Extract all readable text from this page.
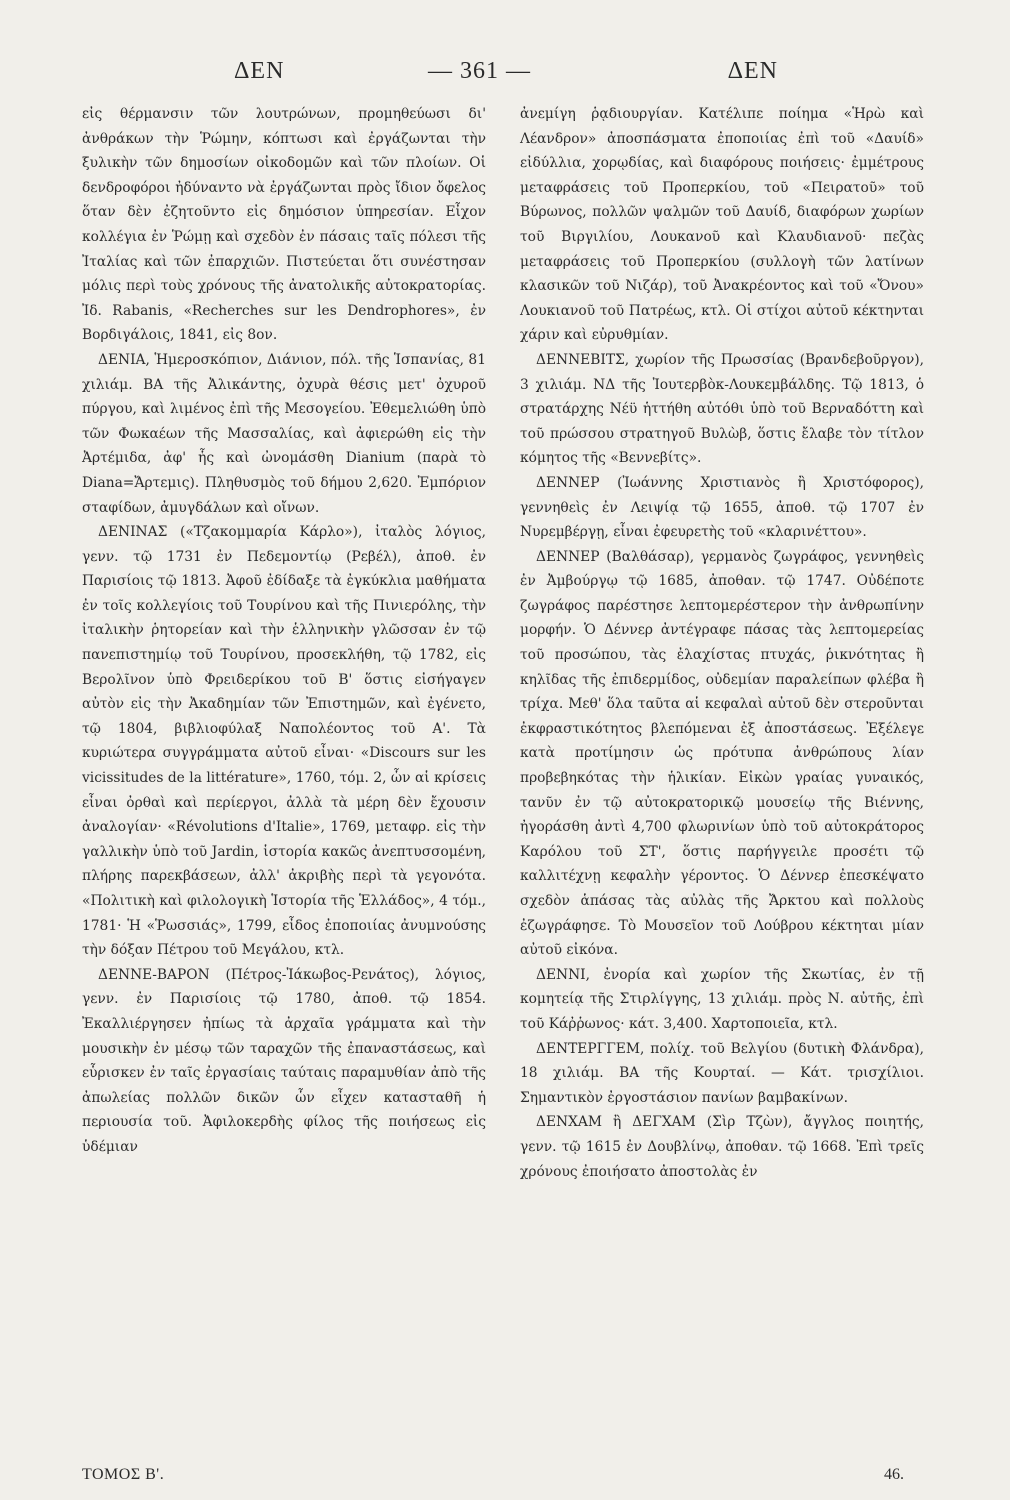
ΔΕΝ	— 361 —	ΔΕΝ

εἰς θέρμανσιν τῶν λουτρώνων, προμηθεύωσι δι' ἀνθράκων τὴν Ῥώμην, κόπτωσι καὶ ἐργάζωνται τὴν ξυλικὴν τῶν δημοσίων οἰκοδομῶν καὶ τῶν πλοίων. Οἱ δενδροφόροι ἠδύναντο νὰ ἐργάζωνται πρὸς ἴδιον ὄφελος ὅταν δὲν ἐζητοῦντο εἰς δημόσιον ὑπηρεσίαν. Εἶχον κολλέγια ἐν Ῥώμῃ καὶ σχεδὸν ἐν πάσαις ταῖς πόλεσι τῆς Ἰταλίας καὶ τῶν ἐπαρχιῶν. Πιστεύεται ὅτι συνέστησαν μόλις περὶ τοὺς χρόνους τῆς ἀνατολικῆς αὐτοκρατορίας. Ἰδ. Rabanis, «Recherches sur les Dendrophores», ἐν Βορδιγάλοις, 1841, εἰς 8ον.

ΔΕΝΙΑ, Ἡμεροσκόπιον, Διάνιον, πόλ. τῆς Ἱσπανίας, 81 χιλιάμ. ΒΑ τῆς Ἀλικάντης, ὀχυρὰ θέσις μετ' ὀχυροῦ πύργου, καὶ λιμένος ἐπὶ τῆς Μεσογείου. Ἐθεμελιώθη ὑπὸ τῶν Φωκαέων τῆς Μασσαλίας, καὶ ἀφιερώθη εἰς τὴν Ἀρτέμιδα, ἀφ' ἧς καὶ ὠνομάσθη Dianium (παρὰ τὸ Diana=Ἄρτεμις). Πληθυσμὸς τοῦ δήμου 2,620. Ἐμπόριον σταφίδων, ἀμυγδάλων καὶ οἴνων.

ΔΕΝΙΝΑΣ («Τζακομμαρία Κάρλο»), ἰταλὸς λόγιος, γενν. τῷ 1731 ἐν Πεδεμοντίῳ (Ρεβέλ), ἀποθ. ἐν Παρισίοις τῷ 1813. Ἀφοῦ ἐδίδαξε τὰ ἐγκύκλια μαθήματα ἐν τοῖς κολλεγίοις τοῦ Τουρίνου καὶ τῆς Πινιερόλης, τὴν ἰταλικὴν ῥητορείαν καὶ τὴν ἑλληνικὴν γλῶσσαν ἐν τῷ πανεπιστημίῳ τοῦ Τουρίνου, προσεκλήθη, τῷ 1782, εἰς Βερολῖνον ὑπὸ Φρειδερίκου τοῦ Β' ὅστις εἰσήγαγεν αὐτὸν εἰς τὴν Ἀκαδημίαν τῶν Ἐπιστημῶν, καὶ ἐγένετο, τῷ 1804, βιβλιοφύλαξ Ναπολέοντος τοῦ Α'. Τὰ κυριώτερα συγγράμματα αὐτοῦ εἶναι· «Discours sur les vicissitudes de la littérature», 1760, τόμ. 2, ὧν αἱ κρίσεις εἶναι ὀρθαὶ καὶ περίεργοι, ἀλλὰ τὰ μέρη δὲν ἔχουσιν ἀναλογίαν· «Révolutions d'Italie», 1769, μεταφρ. εἰς τὴν γαλλικὴν ὑπὸ τοῦ Jardin, ἱστορία κακῶς ἀνεπτυσσομένη, πλήρης παρεκβάσεων, ἀλλ' ἀκριβὴς περὶ τὰ γεγονότα. «Πολιτικὴ καὶ φιλολογικὴ Ἱστορία τῆς Ἑλλάδος», 4 τόμ., 1781· Ἡ «Ῥωσσιάς», 1799, εἶδος ἐποποιίας ἀνυμνούσης τὴν δόξαν Πέτρου τοῦ Μεγάλου, κτλ.

ΔΕΝΝΕ-ΒΑΡΟΝ (Πέτρος-Ἰάκωβος-Ρενάτος), λόγιος, γενν. ἐν Παρισίοις τῷ 1780, ἀποθ. τῷ 1854. Ἐκαλλιέργησεν ἠπίως τὰ ἀρχαῖα γράμματα καὶ τὴν μουσικὴν ἐν μέσῳ τῶν ταραχῶν τῆς ἐπαναστάσεως, καὶ εὗρισκεν ἐν ταῖς ἐργασίαις ταύταις παραμυθίαν ἀπὸ τῆς ἀπωλείας πολλῶν δικῶν ὧν εἶχεν κατασταθῆ ἡ περιουσία τοῦ. Ἀφιλοκερδὴς φίλος τῆς ποιήσεως εἰς ὑδέμιαν

ἀνεμίγη ῥᾳδιουργίαν. Κατέλιπε ποίημα «Ἡρὼ καὶ Λέανδρον» ἀποσπάσματα ἐποποιίας ἐπὶ τοῦ «Δαυίδ» εἰδύλλια, χορῳδίας, καὶ διαφόρους ποιήσεις· ἐμμέτρους μεταφράσεις τοῦ Προπερκίου, τοῦ «Πειρατοῦ» τοῦ Βύρωνος, πολλῶν ψαλμῶν τοῦ Δαυίδ, διαφόρων χωρίων τοῦ Βιργιλίου, Λουκανοῦ καὶ Κλαυδιανοῦ· πεζὰς μεταφράσεις τοῦ Προπερκίου (συλλογὴ τῶν λατίνων κλασικῶν τοῦ Νιζάρ), τοῦ Ἀνακρέοντος καὶ τοῦ «Ὄνου» Λουκιανοῦ τοῦ Πατρέως, κτλ. Οἱ στίχοι αὐτοῦ κέκτηνται χάριν καὶ εὐρυθμίαν.

ΔΕΝΝΕΒΙΤΣ, χωρίον τῆς Πρωσσίας (Βρανδεβοῦργον), 3 χιλιάμ. ΝΔ τῆς Ἰουτερβὸκ-Λουκεμβάλδης. Τῷ 1813, ὁ στρατάρχης Νέϋ ἡττήθη αὐτόθι ὑπὸ τοῦ Βερναδόττη καὶ τοῦ πρώσσου στρατηγοῦ Βυλὼβ, ὅστις ἔλαβε τὸν τίτλον κόμητος τῆς «Βεννεβίτς».

ΔΕΝΝΕΡ (Ἰωάννης Χριστιανὸς ἢ Χριστόφορος), γεννηθεὶς ἐν Λειψίᾳ τῷ 1655, ἀποθ. τῷ 1707 ἐν Νυρεμβέργῃ, εἶναι ἐφευρετὴς τοῦ «κλαρινέττου».

ΔΕΝΝΕΡ (Βαλθάσαρ), γερμανὸς ζωγράφος, γεννηθεὶς ἐν Ἀμβούργῳ τῷ 1685, ἀποθαν. τῷ 1747. Οὐδέποτε ζωγράφος παρέστησε λεπτομερέστερον τὴν ἀνθρωπίνην μορφήν. Ὁ Δέννερ ἀντέγραφε πάσας τὰς λεπτομερείας τοῦ προσώπου, τὰς ἐλαχίστας πτυχάς, ῥικνότητας ἢ κηλῖδας τῆς ἐπιδερμίδος, οὐδεμίαν παραλείπων φλέβα ἢ τρίχα. Μεθ' ὅλα ταῦτα αἱ κεφαλαὶ αὐτοῦ δὲν στεροῦνται ἐκφραστικότητος βλεπόμεναι ἐξ ἀποστάσεως. Ἐξέλεγε κατὰ προτίμησιν ὡς πρότυπα ἀνθρώπους λίαν προβεβηκότας τὴν ἡλικίαν. Εἰκὼν γραίας γυναικός, τανῦν ἐν τῷ αὐτοκρατορικῷ μουσείῳ τῆς Βιέννης, ἠγοράσθη ἀντὶ 4,700 φλωρινίων ὑπὸ τοῦ αὐτοκράτορος Καρόλου τοῦ ΣΤ', ὅστις παρήγγειλε προσέτι τῷ καλλιτέχνῃ κεφαλὴν γέροντος. Ὁ Δέννερ ἐπεσκέψατο σχεδὸν ἁπάσας τὰς αὐλὰς τῆς Ἄρκτου καὶ πολλοὺς ἐζωγράφησε. Τὸ Μουσεῖον τοῦ Λούβρου κέκτηται μίαν αὐτοῦ εἰκόνα.

ΔΕΝΝΙ, ἐνορία καὶ χωρίον τῆς Σκωτίας, ἐν τῇ κομητείᾳ τῆς Στιρλίγγης, 13 χιλιάμ. πρὸς Ν. αὐτῆς, ἐπὶ τοῦ Κάῤῥωνος· κάτ. 3,400. Χαρτοποιεῖα, κτλ.

ΔΕΝΤΕΡΓΓΕΜ, πολίχ. τοῦ Βελγίου (δυτικὴ Φλάνδρα), 18 χιλιάμ. ΒΑ τῆς Κουρταί. — Κάτ. τρισχίλιοι. Σημαντικὸν ἐργοστάσιον πανίων βαμβακίνων.

ΔΕΝΧΑΜ ἢ ΔΕΓΧΑΜ (Σὶρ Τζὼν), ἄγγλος ποιητής, γενν. τῷ 1615 ἐν Δουβλίνῳ, ἀποθαν. τῷ 1668. Ἐπὶ τρεῖς χρόνους ἐποιήσατο ἀποστολὰς ἐν

ΤΟΜΟΣ Β'.	46.
